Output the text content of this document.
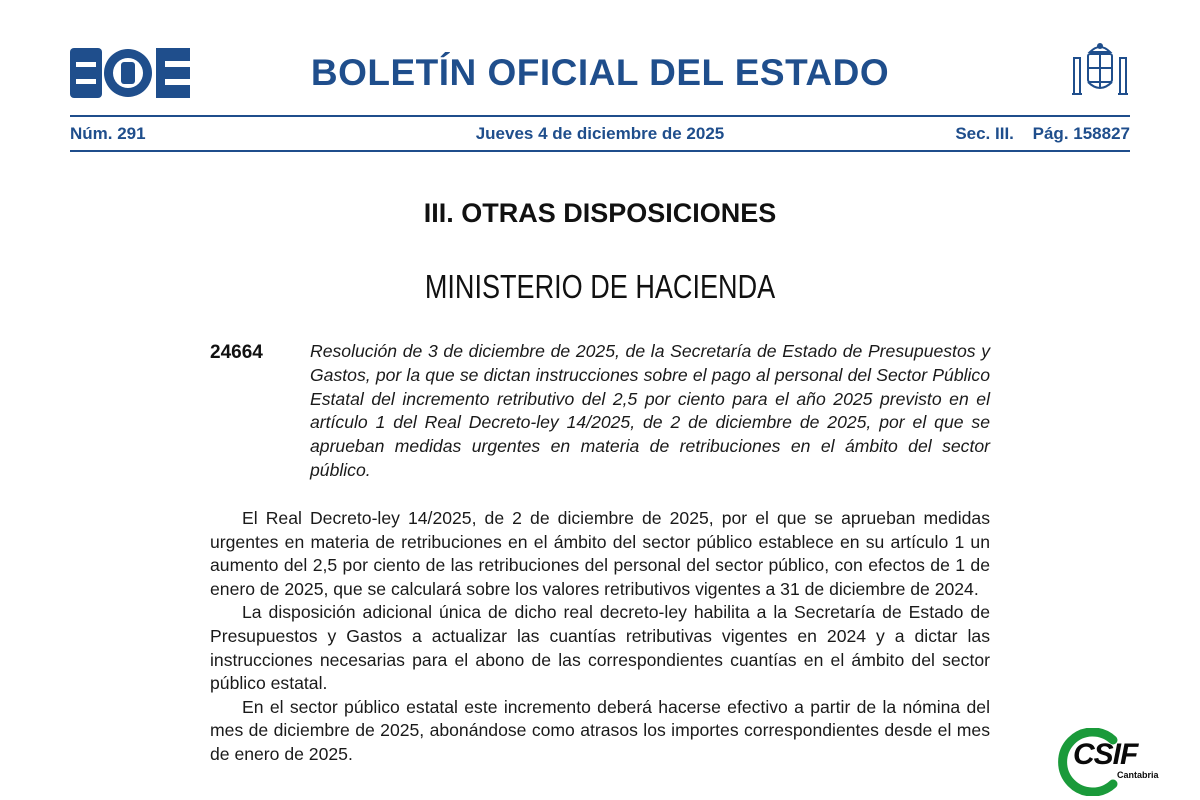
BOLETÍN OFICIAL DEL ESTADO
Jueves 4 de diciembre de 2025
Núm. 291	Sec. III. Pág. 158827
III. OTRAS DISPOSICIONES
MINISTERIO DE HACIENDA
24664	Resolución de 3 de diciembre de 2025, de la Secretaría de Estado de Presupuestos y Gastos, por la que se dictan instrucciones sobre el pago al personal del Sector Público Estatal del incremento retributivo del 2,5 por ciento para el año 2025 previsto en el artículo 1 del Real Decreto-ley 14/2025, de 2 de diciembre de 2025, por el que se aprueban medidas urgentes en materia de retribuciones en el ámbito del sector público.

El Real Decreto-ley 14/2025, de 2 de diciembre de 2025, por el que se aprueban medidas urgentes en materia de retribuciones en el ámbito del sector público establece en su artículo 1 un aumento del 2,5 por ciento de las retribuciones del personal del sector público, con efectos de 1 de enero de 2025, que se calculará sobre los valores retributivos vigentes a 31 de diciembre de 2024.

La disposición adicional única de dicho real decreto-ley habilita a la Secretaría de Estado de Presupuestos y Gastos a actualizar las cuantías retributivas vigentes en 2024 y a dictar las instrucciones necesarias para el abono de las correspondientes cuantías en el ámbito del sector público estatal.

En el sector público estatal este incremento deberá hacerse efectivo a partir de la nómina del mes de diciembre de 2025, abonándose como atrasos los importes correspondientes desde el mes de enero de 2025.	CSIF
Cantabria
